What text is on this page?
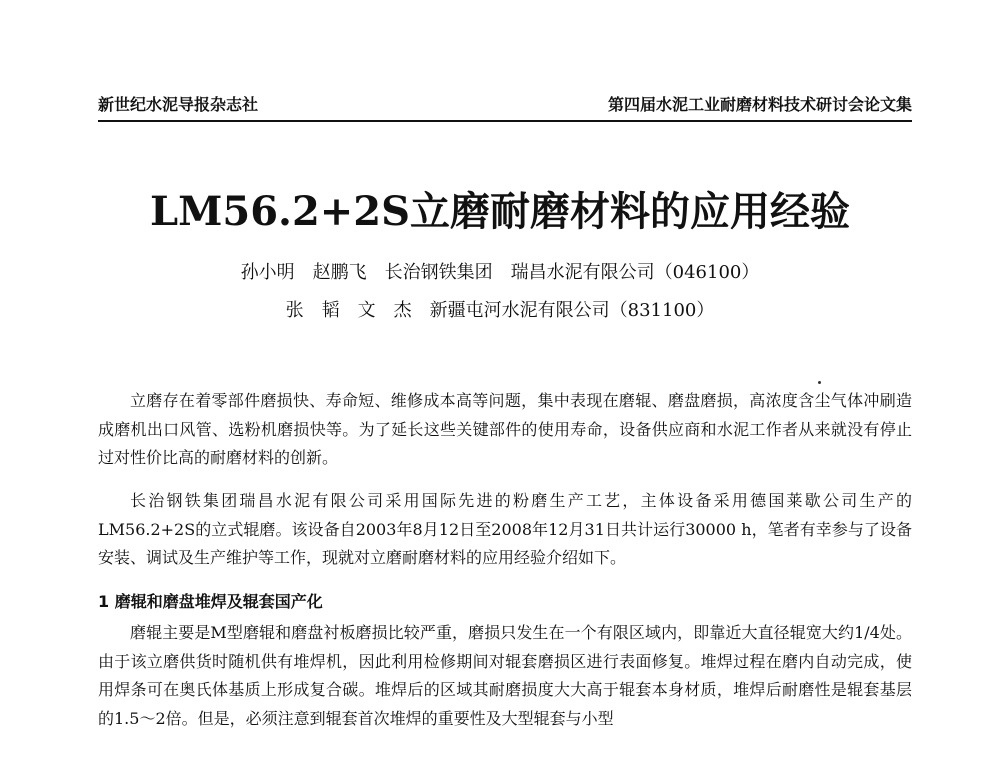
新世纪水泥导报杂志社	第四届水泥工业耐磨材料技术研讨会论文集
LM56.2+2S立磨耐磨材料的应用经验
孙小明　赵鹏飞　长治钢铁集团　瑞昌水泥有限公司（046100）
张　韬　文　杰　新疆屯河水泥有限公司（831100）
立磨存在着零部件磨损快、寿命短、维修成本高等问题，集中表现在磨辊、磨盘磨损，高浓度含尘气体冲刷造成磨机出口风管、选粉机磨损快等。为了延长这些关键部件的使用寿命，设备供应商和水泥工作者从来就没有停止过对性价比高的耐磨材料的创新。
长治钢铁集团瑞昌水泥有限公司采用国际先进的粉磨生产工艺，主体设备采用德国莱歇公司生产的LM56.2+2S的立式辊磨。该设备自2003年8月12日至2008年12月31日共计运行30000 h，笔者有幸参与了设备安装、调试及生产维护等工作，现就对立磨耐磨材料的应用经验介绍如下。
1 磨辊和磨盘堆焊及辊套国产化
磨辊主要是M型磨辊和磨盘衬板磨损比较严重，磨损只发生在一个有限区域内，即靠近大直径辊宽大约1/4处。由于该立磨供货时随机供有堆焊机，因此利用检修期间对辊套磨损区进行表面修复。堆焊过程在磨内自动完成，使用焊条可在奥氏体基质上形成复合碳。堆焊后的区域其耐磨损度大大高于辊套本身材质，堆焊后耐磨性是辊套基层的1.5～2倍。但是，必须注意到辊套首次堆焊的重要性及大型辊套与小型
